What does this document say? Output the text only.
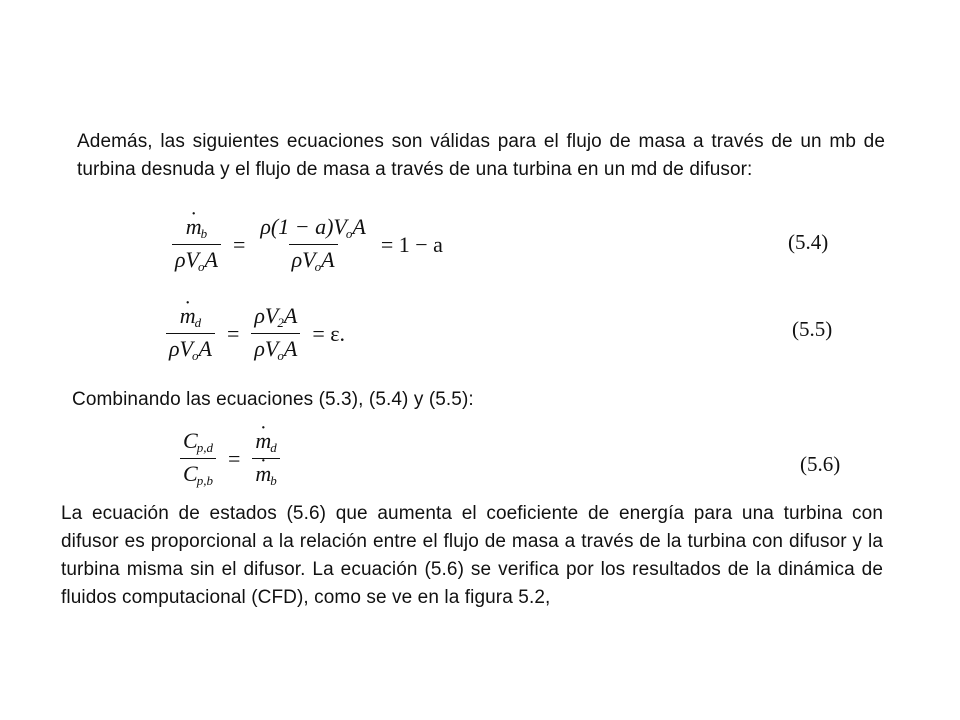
Además, las siguientes ecuaciones son válidas para el flujo de masa a través de un mb de turbina desnuda y el flujo de masa a través de una turbina en un md de difusor:
· $\frac{m_b}{\rho V_oA} = \frac{\rho(1 - a)V_oA}{\rho V_oA} = 1 - a$	(5.4)
· $\frac{m_d}{\rho V_oA} = \frac{\rho V_2A}{\rho V_oA} = \varepsilon$.	(5.5)
Combinando las ecuaciones (5.3), (5.4) y (5.5):
$\frac{C_{p,d}}{C_{p,b}}$ =
· $m_d$
· $m_b$	(5.6)
La ecuación de estados (5.6) que aumenta el coeficiente de energía para una turbina con difusor es proporcional a la relación entre el flujo de masa a través de la turbina con difusor y la turbina misma sin el difusor. La ecuación (5.6) se verifica por los resultados de la dinámica de fluidos computacional (CFD), como se ve en la figura 5.2,
